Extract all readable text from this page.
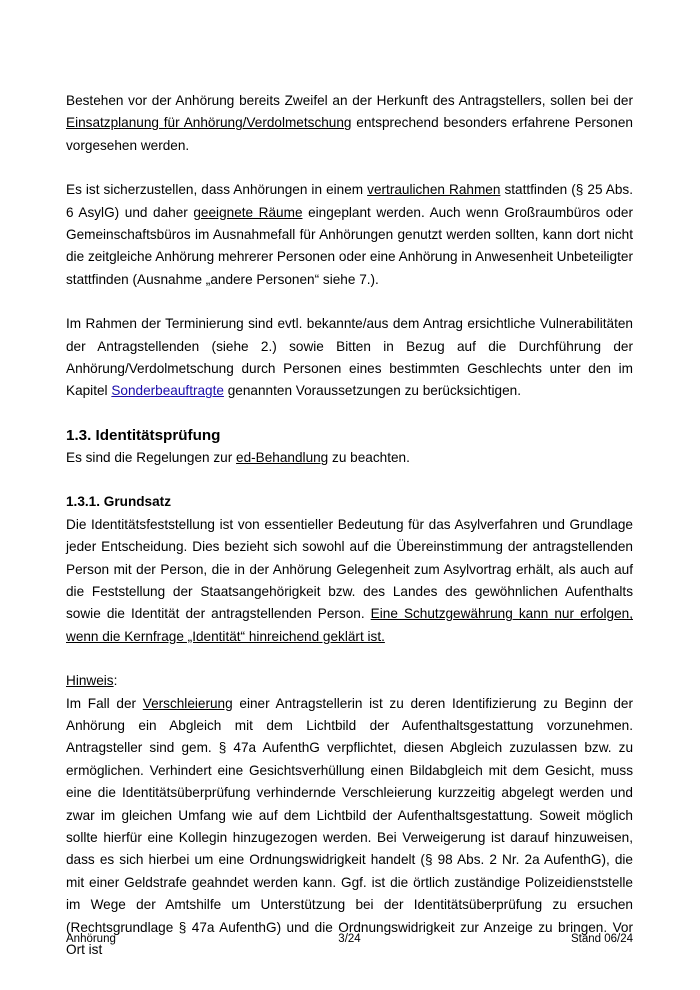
Bestehen vor der Anhörung bereits Zweifel an der Herkunft des Antragstellers, sollen bei der Einsatzplanung für Anhörung/Verdolmetschung entsprechend besonders erfahrene Personen vorgesehen werden.

Es ist sicherzustellen, dass Anhörungen in einem vertraulichen Rahmen stattfinden (§ 25 Abs. 6 AsylG) und daher geeignete Räume eingeplant werden. Auch wenn Großraumbüros oder Gemeinschaftsbüros im Ausnahmefall für Anhörungen genutzt werden sollten, kann dort nicht die zeitgleiche Anhörung mehrerer Personen oder eine Anhörung in Anwesenheit Unbeteiligter stattfinden (Ausnahme „andere Personen“ siehe 7.).

Im Rahmen der Terminierung sind evtl. bekannte/aus dem Antrag ersichtliche Vulnerabilitäten der Antragstellenden (siehe 2.) sowie Bitten in Bezug auf die Durchführung der Anhörung/Verdolmetschung durch Personen eines bestimmten Geschlechts unter den im Kapitel Sonderbeauftragte genannten Voraussetzungen zu berücksichtigen.

1.3. Identitätsprüfung

Es sind die Regelungen zur ed-Behandlung zu beachten.

1.3.1. Grundsatz

Die Identitätsfeststellung ist von essentieller Bedeutung für das Asylverfahren und Grundlage jeder Entscheidung. Dies bezieht sich sowohl auf die Übereinstimmung der antragstellenden Person mit der Person, die in der Anhörung Gelegenheit zum Asylvortrag erhält, als auch auf die Feststellung der Staatsangehörigkeit bzw. des Landes des gewöhnlichen Aufenthalts sowie die Identität der antragstellenden Person. Eine Schutzgewährung kann nur erfolgen, wenn die Kernfrage „Identität“ hinreichend geklärt ist.

Hinweis:

Im Fall der Verschleierung einer Antragstellerin ist zu deren Identifizierung zu Beginn der Anhörung ein Abgleich mit dem Lichtbild der Aufenthaltsgestattung vorzunehmen. Antragsteller sind gem. § 47a AufenthG verpflichtet, diesen Abgleich zuzulassen bzw. zu ermöglichen. Verhindert eine Gesichtsverhüllung einen Bildabgleich mit dem Gesicht, muss eine die Identitätsüberprüfung verhindernde Verschleierung kurzzeitig abgelegt werden und zwar im gleichen Umfang wie auf dem Lichtbild der Aufenthaltsgestattung. Soweit möglich sollte hierfür eine Kollegin hinzugezogen werden. Bei Verweigerung ist darauf hinzuweisen, dass es sich hierbei um eine Ordnungswidrigkeit handelt (§ 98 Abs. 2 Nr. 2a AufenthG), die mit einer Geldstrafe geahndet werden kann. Ggf. ist die örtlich zuständige Polizeidienststelle im Wege der Amtshilfe um Unterstützung bei der Identitätsüberprüfung zu ersuchen (Rechtsgrundlage § 47a AufenthG) und die Ordnungswidrigkeit zur Anzeige zu bringen. Vor Ort ist

Anhörung	3/24	Stand 06/24
